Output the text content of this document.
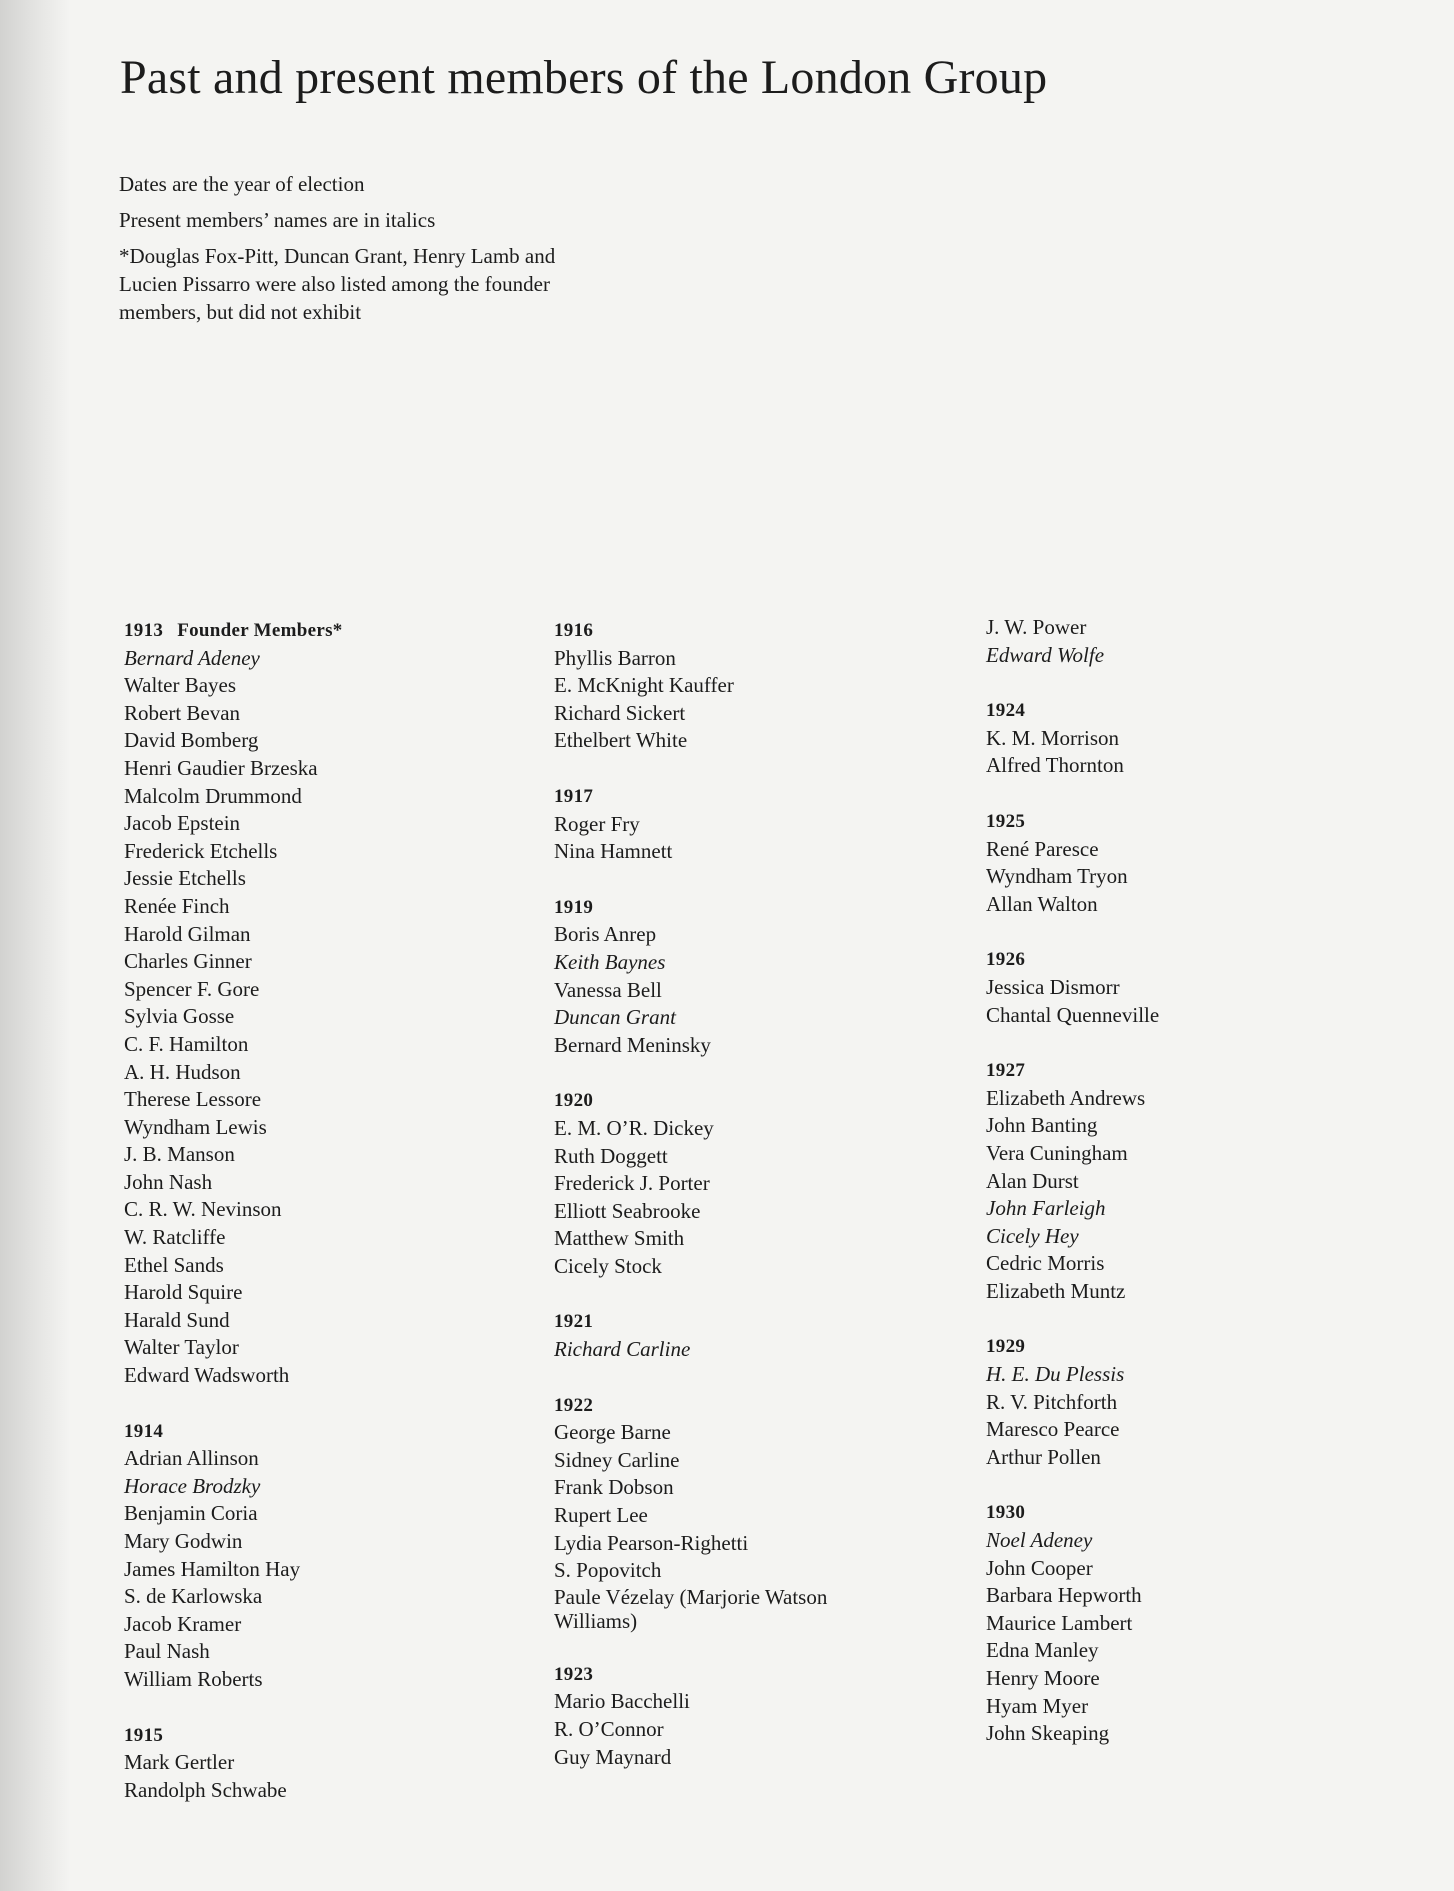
Past and present members of the London Group

Dates are the year of election

Present members’ names are in italics

*Douglas Fox-Pitt, Duncan Grant, Henry Lamb and Lucien Pissarro were also listed among the founder members, but did not exhibit

1913 Founder Members*
Bernard Adeney
Walter Bayes
Robert Bevan
David Bomberg
Henri Gaudier Brzeska
Malcolm Drummond
Jacob Epstein
Frederick Etchells
Jessie Etchells
Renée Finch
Harold Gilman
Charles Ginner
Spencer F. Gore
Sylvia Gosse
C. F. Hamilton
A. H. Hudson
Therese Lessore
Wyndham Lewis
J. B. Manson
John Nash
C. R. W. Nevinson
W. Ratcliffe
Ethel Sands
Harold Squire
Harald Sund
Walter Taylor
Edward Wadsworth
1914
Adrian Allinson
Horace Brodzky
Benjamin Coria
Mary Godwin
James Hamilton Hay
S. de Karlowska
Jacob Kramer
Paul Nash
William Roberts
1915
Mark Gertler
Randolph Schwabe
1916
Phyllis Barron
E. McKnight Kauffer
Richard Sickert
Ethelbert White
1917
Roger Fry
Nina Hamnett
1919
Boris Anrep
Keith Baynes
Vanessa Bell
Duncan Grant
Bernard Meninsky
1920
E. M. O’R. Dickey
Ruth Doggett
Frederick J. Porter
Elliott Seabrooke
Matthew Smith
Cicely Stock
1921
Richard Carline
1922
George Barne
Sidney Carline
Frank Dobson
Rupert Lee
Lydia Pearson-Righetti
S. Popovitch
Paule Vézelay (Marjorie Watson Williams)
1923
Mario Bacchelli
R. O’Connor
Guy Maynard
J. W. Power
Edward Wolfe
1924
K. M. Morrison
Alfred Thornton
1925
René Paresce
Wyndham Tryon
Allan Walton
1926
Jessica Dismorr
Chantal Quenneville
1927
Elizabeth Andrews
John Banting
Vera Cuningham
Alan Durst
John Farleigh
Cicely Hey
Cedric Morris
Elizabeth Muntz
1929
H. E. Du Plessis
R. V. Pitchforth
Maresco Pearce
Arthur Pollen
1930
Noel Adeney
John Cooper
Barbara Hepworth
Maurice Lambert
Edna Manley
Henry Moore
Hyam Myer
John Skeaping
